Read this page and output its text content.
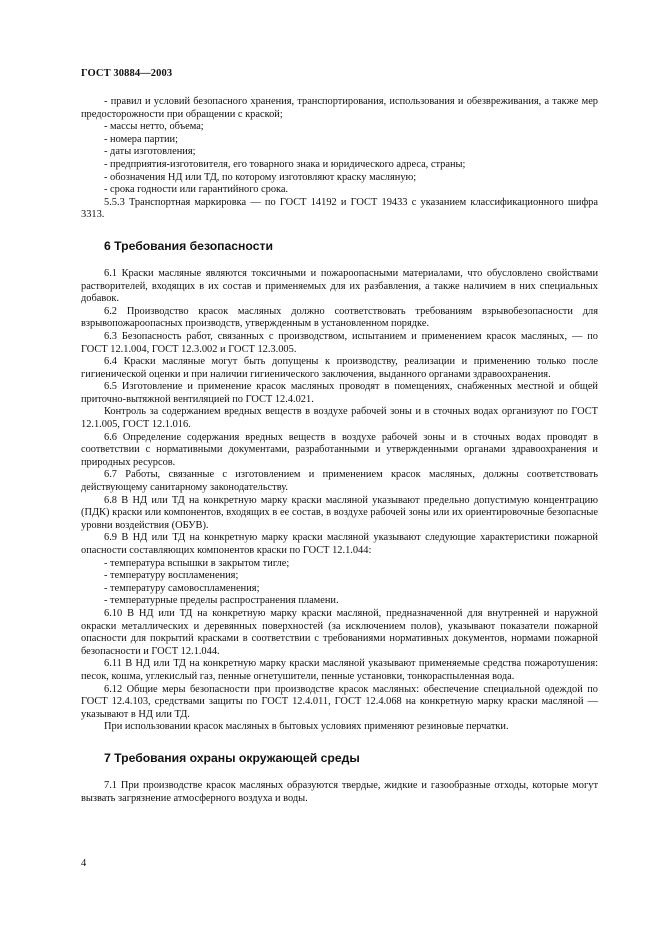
ГОСТ 30884—2003

- правил и условий безопасного хранения, транспортирования, использования и обезвреживания, а также мер предосторожности при обращении с краской;

- массы нетто, объема;

- номера партии;

- даты изготовления;

- предприятия-изготовителя, его товарного знака и юридического адреса, страны;

- обозначения НД или ТД, по которому изготовляют краску масляную;

- срока годности или гарантийного срока.

5.5.3 Транспортная маркировка — по ГОСТ 14192 и ГОСТ 19433 с указанием классификационного шифра 3313.

6 Требования безопасности

6.1 Краски масляные являются токсичными и пожароопасными материалами, что обусловлено свойствами растворителей, входящих в их состав и применяемых для их разбавления, а также наличием в них специальных добавок.

6.2 Производство красок масляных должно соответствовать требованиям взрывобезопасности для взрывопожароопасных производств, утвержденным в установленном порядке.

6.3 Безопасность работ, связанных с производством, испытанием и применением красок масляных, — по ГОСТ 12.1.004, ГОСТ 12.3.002 и ГОСТ 12.3.005.

6.4 Краски масляные могут быть допущены к производству, реализации и применению только после гигиенической оценки и при наличии гигиенического заключения, выданного органами здравоохранения.

6.5 Изготовление и применение красок масляных проводят в помещениях, снабженных местной и общей приточно-вытяжной вентиляцией по ГОСТ 12.4.021.

Контроль за содержанием вредных веществ в воздухе рабочей зоны и в сточных водах организуют по ГОСТ 12.1.005, ГОСТ 12.1.016.

6.6 Определение содержания вредных веществ в воздухе рабочей зоны и в сточных водах проводят в соответствии с нормативными документами, разработанными и утвержденными органами здравоохранения и природных ресурсов.

6.7 Работы, связанные с изготовлением и применением красок масляных, должны соответствовать действующему санитарному законодательству.

6.8 В НД или ТД на конкретную марку краски масляной указывают предельно допустимую концентрацию (ПДК) краски или компонентов, входящих в ее состав, в воздухе рабочей зоны или их ориентировочные безопасные уровни воздействия (ОБУВ).

6.9 В НД или ТД на конкретную марку краски масляной указывают следующие характеристики пожарной опасности составляющих компонентов краски по ГОСТ 12.1.044:

- температура вспышки в закрытом тигле;

- температуру воспламенения;

- температуру самовоспламенения;

- температурные пределы распространения пламени.

6.10 В НД или ТД на конкретную марку краски масляной, предназначенной для внутренней и наружной окраски металлических и деревянных поверхностей (за исключением полов), указывают показатели пожарной опасности для покрытий красками в соответствии с требованиями нормативных документов, нормами пожарной безопасности и ГОСТ 12.1.044.

6.11 В НД или ТД на конкретную марку краски масляной указывают применяемые средства пожаротушения: песок, кошма, углекислый газ, пенные огнетушители, пенные установки, тонкораспыленная вода.

6.12 Общие меры безопасности при производстве красок масляных: обеспечение специальной одеждой по ГОСТ 12.4.103, средствами защиты по ГОСТ 12.4.011, ГОСТ 12.4.068 на конкретную марку краски масляной — указывают в НД или ТД.

При использовании красок масляных в бытовых условиях применяют резиновые перчатки.

7 Требования охраны окружающей среды

7.1 При производстве красок масляных образуются твердые, жидкие и газообразные отходы, которые могут вызвать загрязнение атмосферного воздуха и воды.

4
